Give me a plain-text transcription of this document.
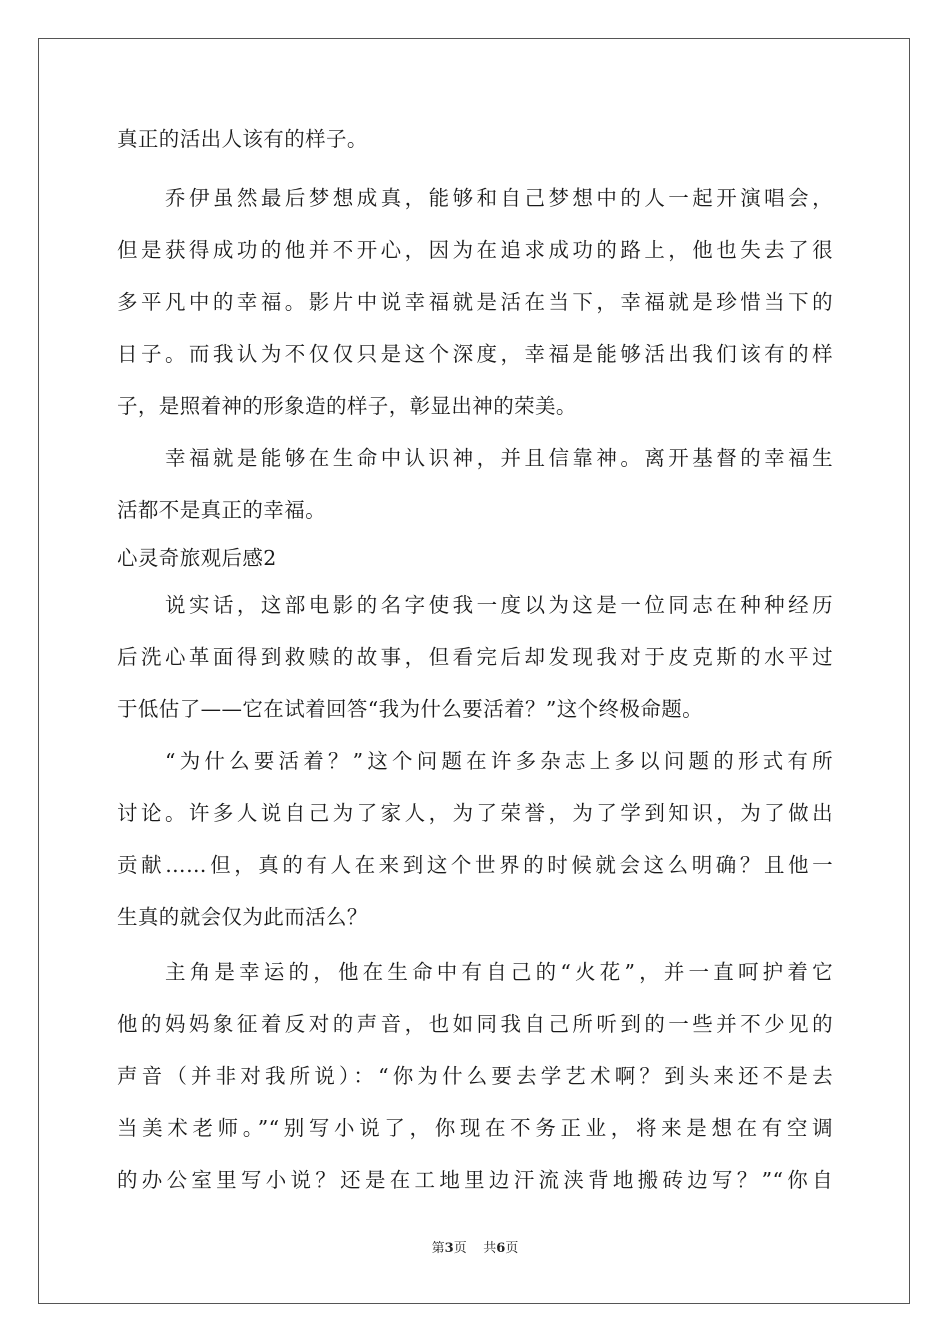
真正的活出人该有的样子。
乔伊虽然最后梦想成真，能够和自己梦想中的人一起开演唱会，
但是获得成功的他并不开心，因为在追求成功的路上，他也失去了很
多平凡中的幸福。影片中说幸福就是活在当下，幸福就是珍惜当下的
日子。而我认为不仅仅只是这个深度，幸福是能够活出我们该有的样
子，是照着神的形象造的样子，彰显出神的荣美。
幸福就是能够在生命中认识神，并且信靠神。离开基督的幸福生
活都不是真正的幸福。
心灵奇旅观后感2
说实话，这部电影的名字使我一度以为这是一位同志在种种经历
后洗心革面得到救赎的故事，但看完后却发现我对于皮克斯的水平过
于低估了——它在试着回答“我为什么要活着？”这个终极命题。
“为什么要活着？”这个问题在许多杂志上多以问题的形式有所
讨论。许多人说自己为了家人，为了荣誉，为了学到知识，为了做出
贡献……但，真的有人在来到这个世界的时候就会这么明确？且他一
生真的就会仅为此而活么？
主角是幸运的，他在生命中有自己的“火花”，并一直呵护着它
他的妈妈象征着反对的声音，也如同我自己所听到的一些并不少见的
声音（并非对我所说）：“你为什么要去学艺术啊？到头来还不是去
当美术老师。”“别写小说了，你现在不务正业，将来是想在有空调
的办公室里写小说？还是在工地里边汗流浃背地搬砖边写？”“你自
第3页 共6页
